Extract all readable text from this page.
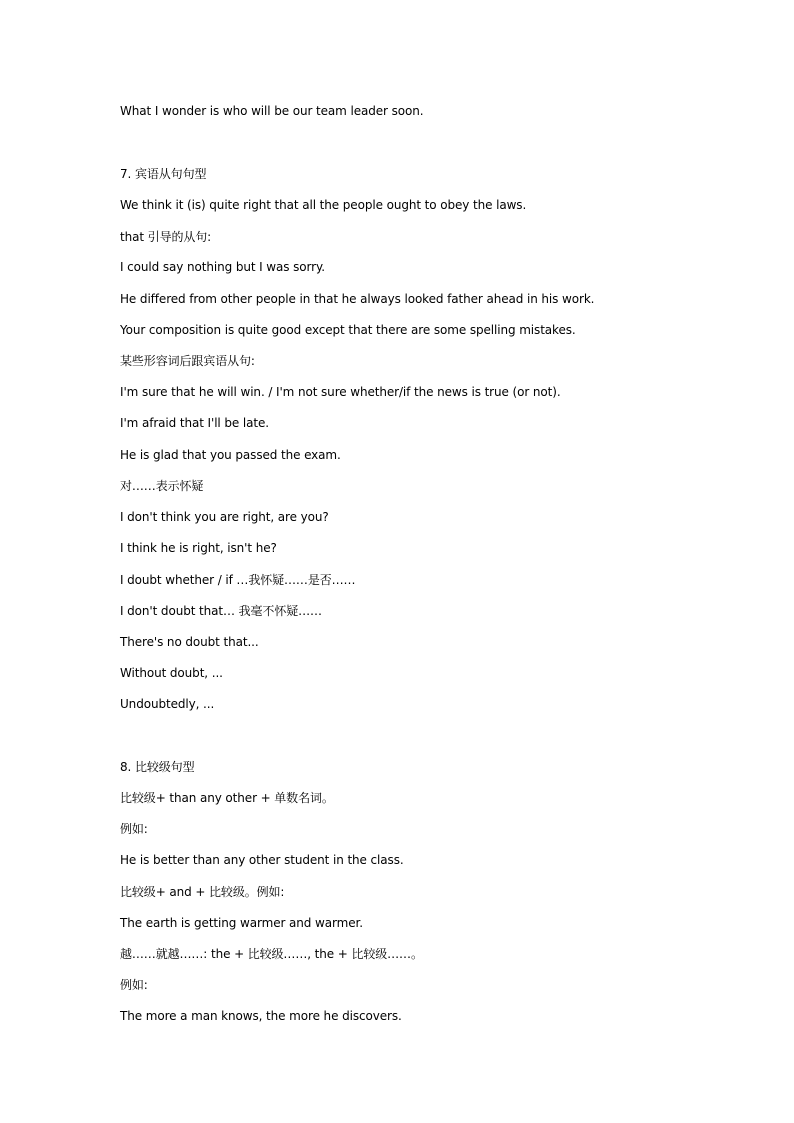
What I wonder is who will be our team leader soon.
7. 宾语从句句型
We think it (is) quite right that all the people ought to obey the laws.
that 引导的从句:
I could say nothing but I was sorry.
He differed from other people in that he always looked father ahead in his work.
Your composition is quite good except that there are some spelling mistakes.
某些形容词后跟宾语从句:
I'm sure that he will win. / I'm not sure whether/if the news is true (or not).
I'm afraid that I'll be late.
He is glad that you passed the exam.
对……表示怀疑
I don't think you are right, are you?
I think he is right, isn't he?
I doubt whether / if …我怀疑……是否……
I don't doubt that… 我毫不怀疑……
There's no doubt that...
Without doubt, ...
Undoubtedly, ...
8. 比较级句型
比较级+ than any other + 单数名词。
例如:
He is better than any other student in the class.
比较级+ and + 比较级。例如:
The earth is getting warmer and warmer.
越……就越……: the + 比较级……, the + 比较级……。
例如:
The more a man knows, the more he discovers.
